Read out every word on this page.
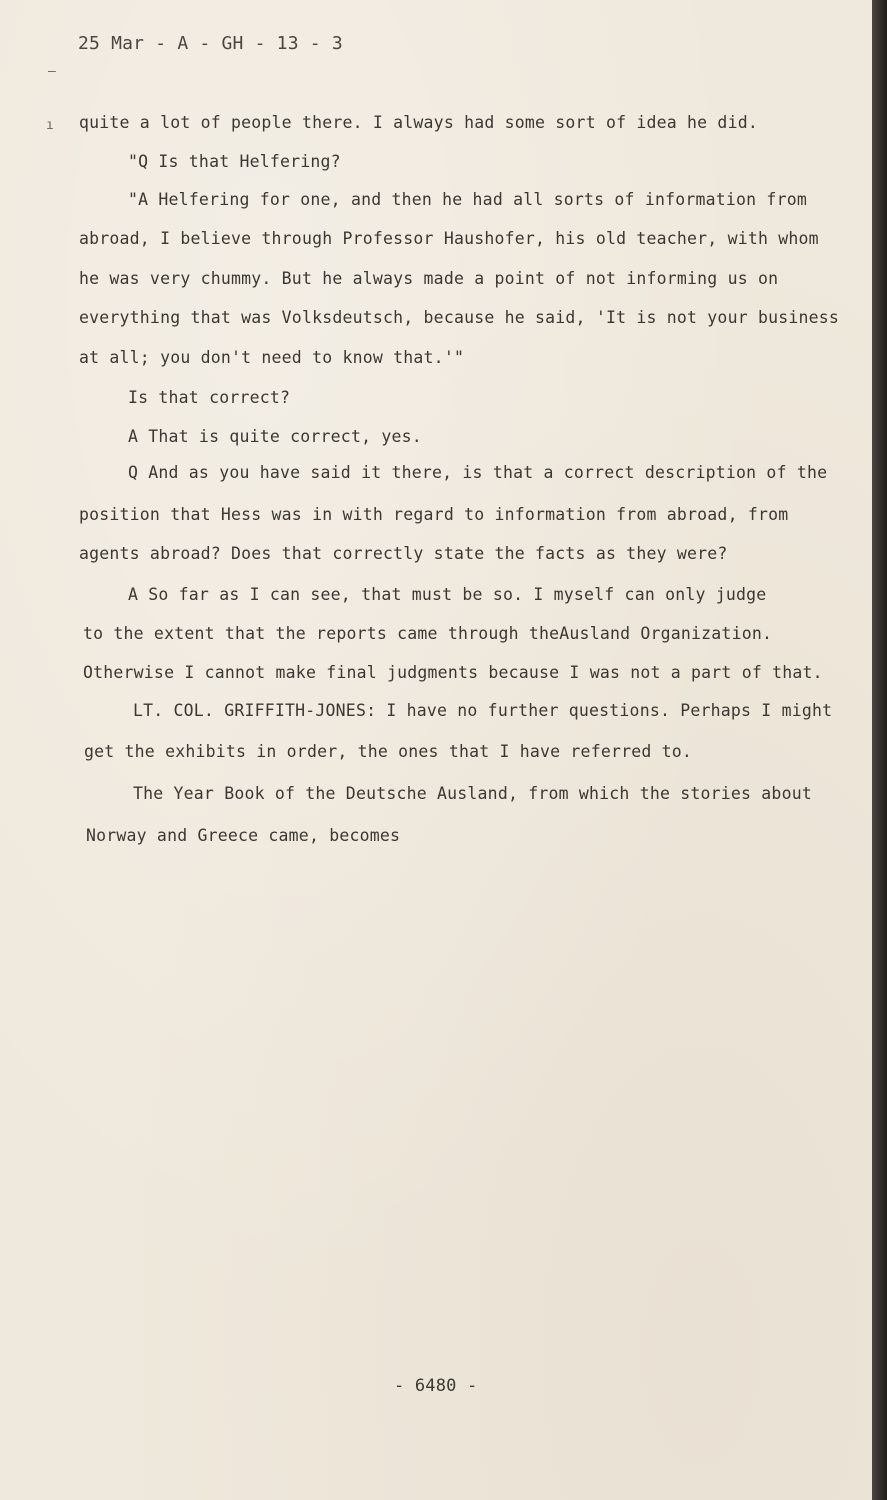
25 Mar - A - GH - 13 - 3
–
ı quite a lot of people there. I always had some sort of idea he did.
"Q Is that Helfering?
"A Helfering for one, and then he had all sorts of information from
abroad, I believe through Professor Haushofer, his old teacher, with whom
he was very chummy. But he always made a point of not informing us on
everything that was Volksdeutsch, because he said, 'It is not your business
at all; you don't need to know that.'"
Is that correct?
A That is quite correct, yes.
Q And as you have said it there, is that a correct description of the
position that Hess was in with regard to information from abroad, from
agents abroad? Does that correctly state the facts as they were?
A So far as I can see, that must be so. I myself can only judge
to the extent that the reports came through theAusland Organization.
Otherwise I cannot make final judgments because I was not a part of that.
LT. COL. GRIFFITH-JONES: I have no further questions. Perhaps I might
get the exhibits in order, the ones that I have referred to.
The Year Book of the Deutsche Ausland, from which the stories about
Norway and Greece came, becomes
- 6480 -
